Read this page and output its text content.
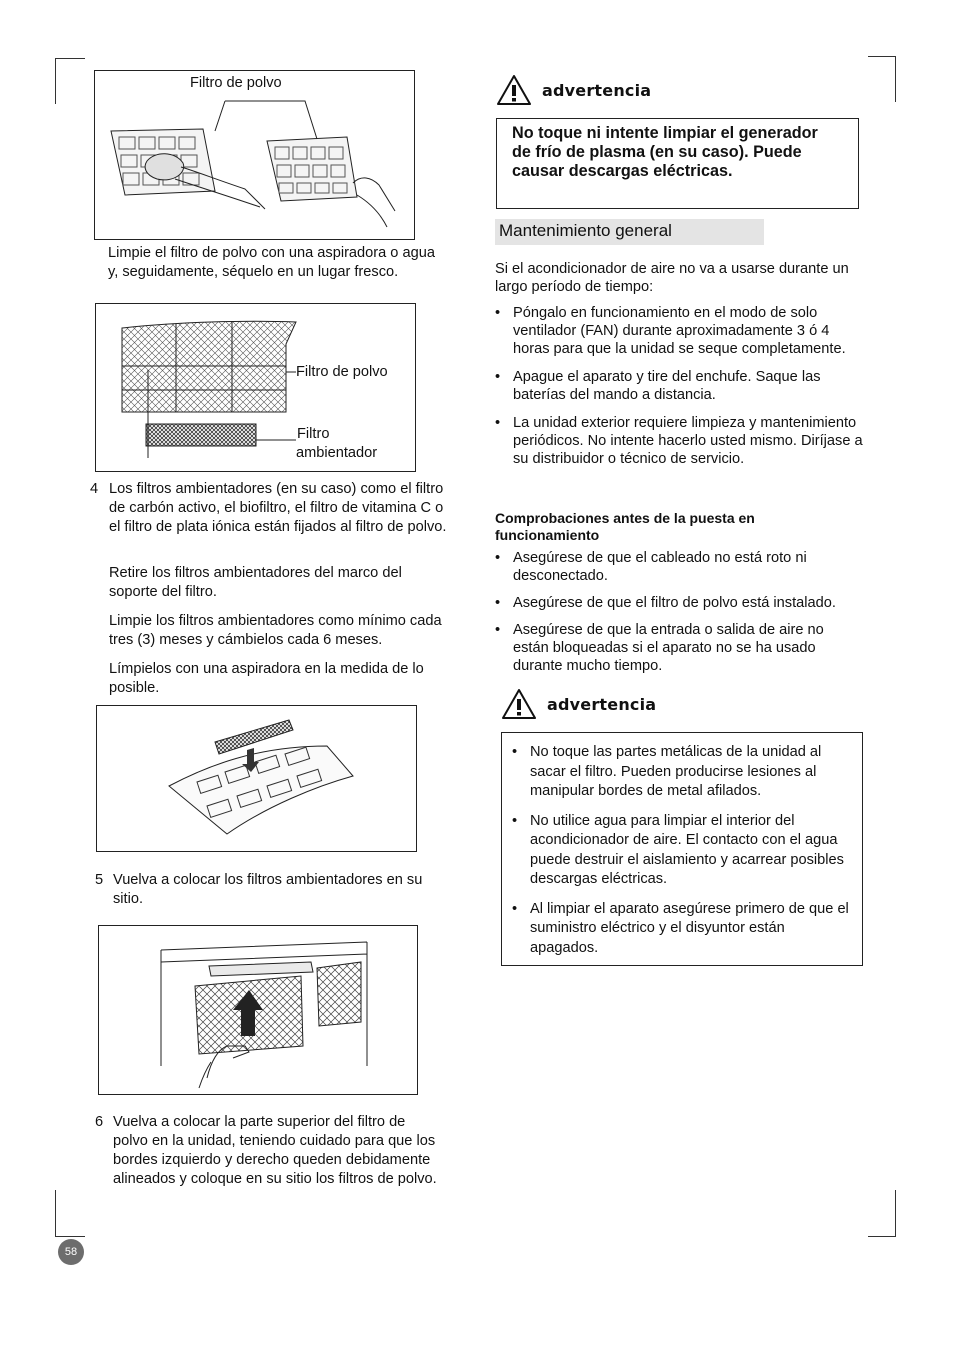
Filtro de polvo

Limpie el filtro de polvo con una aspiradora o agua y, seguidamente, séquelo en un lugar fresco.

Filtro de polvo
Filtro
ambientador
4 Los filtros ambientadores (en su caso) como el filtro de carbón activo, el biofiltro, el filtro de vitamina C o el filtro de plata iónica están fijados al filtro de polvo.

Retire los filtros ambientadores del marco del soporte del filtro.

Limpie los filtros ambientadores como mínimo cada tres (3) meses y cámbielos cada 6 meses.

Límpielos con una aspiradora en la medida de lo posible.

5 Vuelva a colocar los filtros ambientadores en su sitio.

6 Vuelva a colocar la parte superior del filtro de polvo en la unidad, teniendo cuidado para que los bordes izquierdo y derecho queden debidamente alineados y coloque en su sitio los filtros de polvo.

advertencia

No toque ni intente limpiar el generador de frío de plasma (en su caso). Puede causar descargas eléctricas.

Mantenimiento general

Si el acondicionador de aire no va a usarse durante un largo período de tiempo:

• Póngalo en funcionamiento en el modo de solo ventilador (FAN) durante aproximadamente 3 ó 4 horas para que la unidad se seque completamente.
• Apague el aparato y tire del enchufe. Saque las baterías del mando a distancia.
• La unidad exterior requiere limpieza y mantenimiento periódicos. No intente hacerlo usted mismo. Diríjase a su distribuidor o técnico de servicio.
Comprobaciones antes de la puesta en funcionamiento
• Asegúrese de que el cableado no está roto ni desconectado.
• Asegúrese de que el filtro de polvo está instalado.
• Asegúrese de que la entrada o salida de aire no están bloqueadas si el aparato no se ha usado durante mucho tiempo.
advertencia
• No toque las partes metálicas de la unidad al sacar el filtro. Pueden producirse lesiones al manipular bordes de metal afilados.
• No utilice agua para limpiar el interior del acondicionador de aire. El contacto con el agua puede destruir el aislamiento y acarrear posibles descargas eléctricas.
• Al limpiar el aparato asegúrese primero de que el suministro eléctrico y el disyuntor están apagados.
58
